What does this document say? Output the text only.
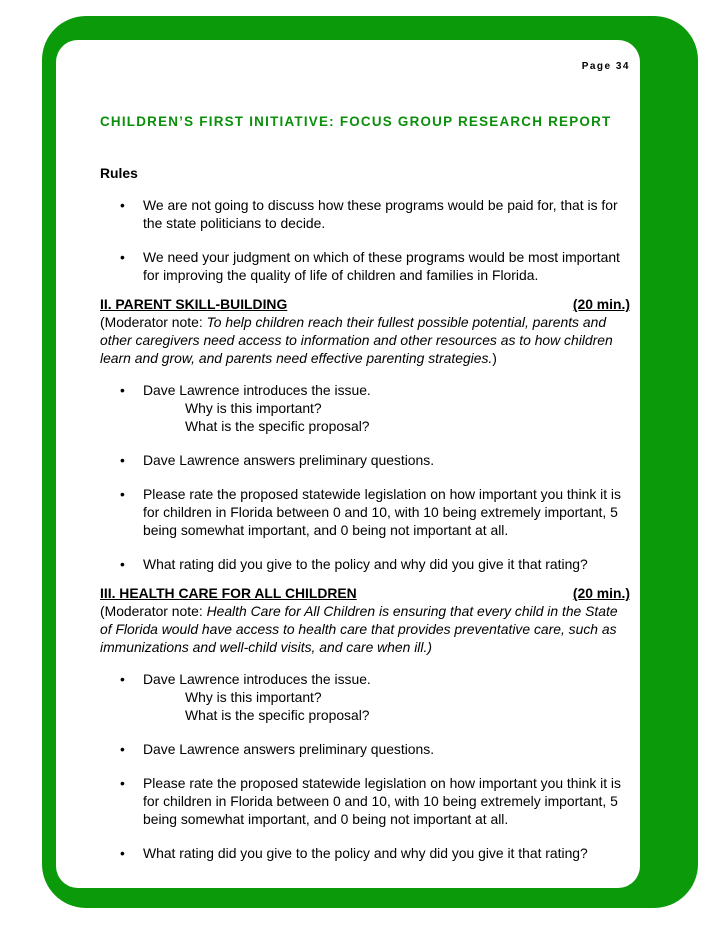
Page 34
CHILDREN’S FIRST INITIATIVE: FOCUS GROUP RESEARCH REPORT
Rules
• We are not going to discuss how these programs would be paid for, that is for the state politicians to decide.
• We need your judgment on which of these programs would be most important for improving the quality of life of children and families in Florida.
II. PARENT SKILL-BUILDING	(20 min.)

(Moderator note: To help children reach their fullest possible potential, parents and other caregivers need access to information and other resources as to how children learn and grow, and parents need effective parenting strategies.)

• Dave Lawrence introduces the issue.
Why is this important?
What is the specific proposal?
• Dave Lawrence answers preliminary questions.
• Please rate the proposed statewide legislation on how important you think it is for children in Florida between 0 and 10, with 10 being extremely important, 5 being somewhat important, and 0 being not important at all.
• What rating did you give to the policy and why did you give it that rating?
III. HEALTH CARE FOR ALL CHILDREN	(20 min.)

(Moderator note: Health Care for All Children is ensuring that every child in the State of Florida would have access to health care that provides preventative care, such as immunizations and well-child visits, and care when ill.)

• Dave Lawrence introduces the issue.
Why is this important?
What is the specific proposal?
• Dave Lawrence answers preliminary questions.
• Please rate the proposed statewide legislation on how important you think it is for children in Florida between 0 and 10, with 10 being extremely important, 5 being somewhat important, and 0 being not important at all.
• What rating did you give to the policy and why did you give it that rating?
